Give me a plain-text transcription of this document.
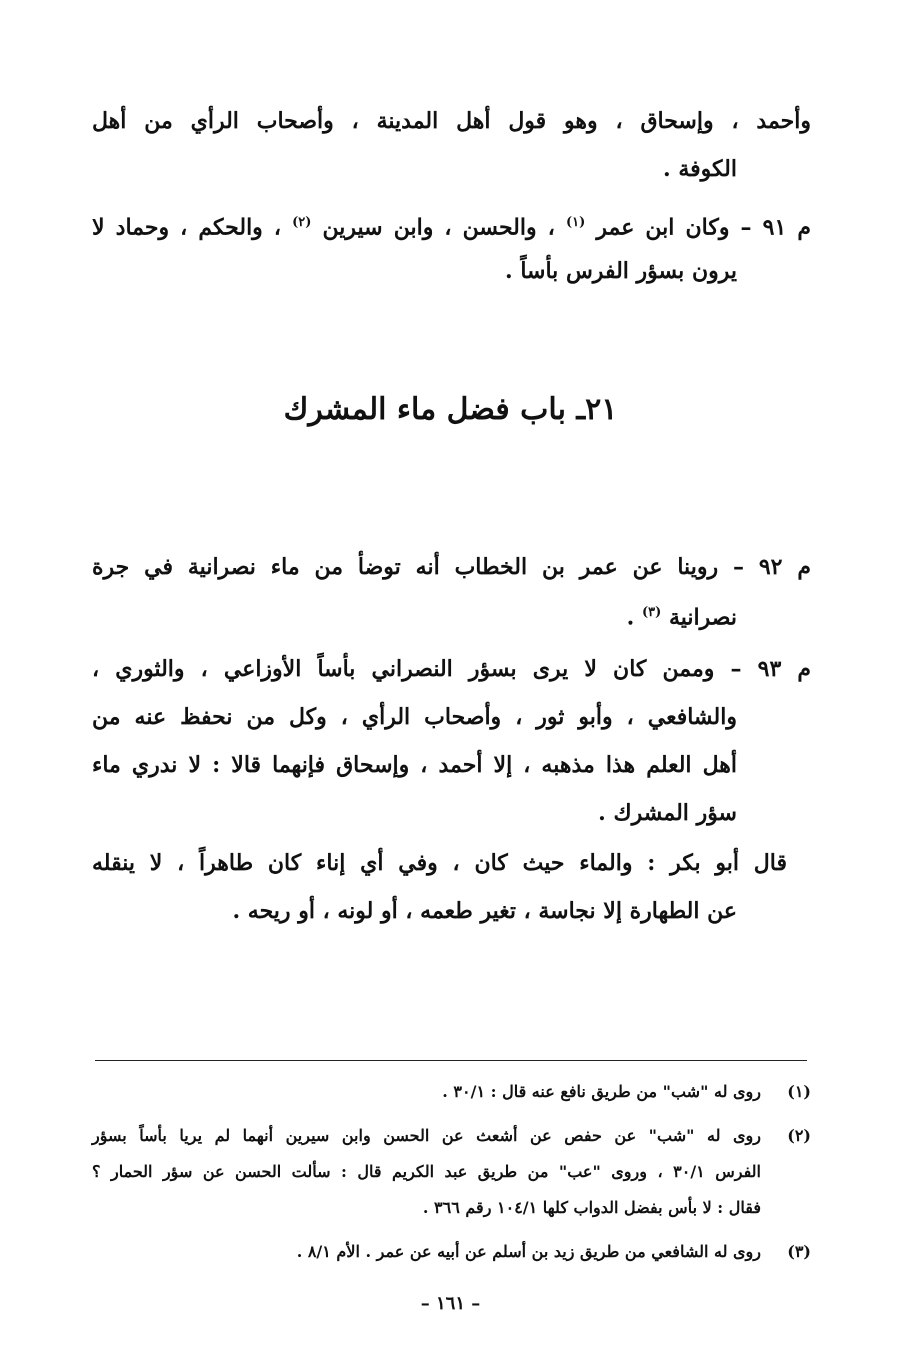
وأحمد ، وإسحاق ، وهو قول أهل المدينة ، وأصحاب الرأي من أهل
الكوفة .
م ٩١ – وكان ابن عمر $^{(١)}$ ، والحسن ، وابن سيرين $^{(٢)}$ ، والحكم ، وحماد لا
يرون بسؤر الفرس بأساً .
م ٩٢ – روينا عن عمر بن الخطاب أنه توضأ من ماء نصرانية في جرة
نصرانية $^{(٣)}$ .
م ٩٣ – وممن كان لا يرى بسؤر النصراني بأساً الأوزاعي ، والثوري ،
والشافعي ، وأبو ثور ، وأصحاب الرأي ، وكل من نحفظ عنه من
أهل العلم هذا مذهبه ، إلا أحمد ، وإسحاق فإنهما قالا : لا ندري ماء
سؤر المشرك .
قال أبو بكر : والماء حيث كان ، وفي أي إناء كان طاهراً ، لا ينقله
عن الطهارة إلا نجاسة ، تغير طعمه ، أو لونه ، أو ريحه .
٢١ـ باب فضل ماء المشرك
(١)
روى له "شب" من طريق نافع عنه قال : ٣٠/١ .
(٢)
روى له "شب" عن حفص عن أشعث عن الحسن وابن سيرين أنهما لم يريا بأساً بسؤر
الفرس ٣٠/١ ، وروى "عب" من طريق عبد الكريم قال : سألت الحسن عن سؤر الحمار ؟
فقال : لا بأس بفضل الدواب كلها ١٠٤/١ رقم ٣٦٦ .
(٣)
روى له الشافعي من طريق زيد بن أسلم عن أبيه عن عمر . الأم ٨/١ .
– ١٦١ –
